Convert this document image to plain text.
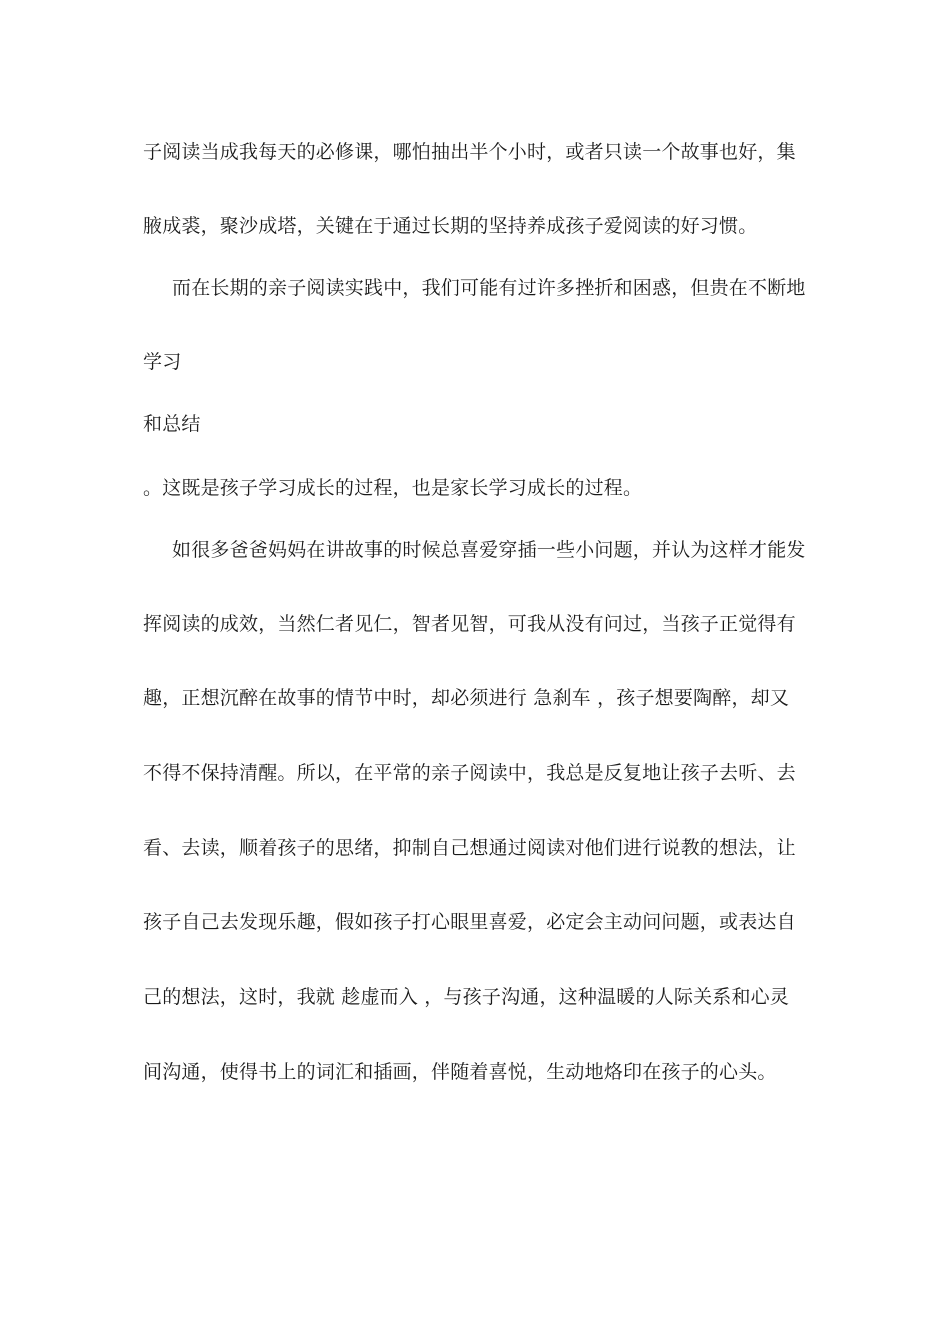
子阅读当成我每天的必修课，哪怕抽出半个小时，或者只读一个故事也好，集
腋成裘，聚沙成塔，关键在于通过长期的坚持养成孩子爱阅读的好习惯。
而在长期的亲子阅读实践中，我们可能有过许多挫折和困惑，但贵在不断地
学习
和总结
。这既是孩子学习成长的过程，也是家长学习成长的过程。
如很多爸爸妈妈在讲故事的时候总喜爱穿插一些小问题，并认为这样才能发
挥阅读的成效，当然仁者见仁，智者见智，可我从没有问过，当孩子正觉得有
趣，正想沉醉在故事的情节中时，却必须进行 急刹车 ，孩子想要陶醉，却又
不得不保持清醒。所以，在平常的亲子阅读中，我总是反复地让孩子去听、去
看、去读，顺着孩子的思绪，抑制自己想通过阅读对他们进行说教的想法，让
孩子自己去发现乐趣，假如孩子打心眼里喜爱，必定会主动问问题，或表达自
己的想法，这时，我就 趁虚而入 ，与孩子沟通，这种温暖的人际关系和心灵
间沟通，使得书上的词汇和插画，伴随着喜悦，生动地烙印在孩子的心头。
